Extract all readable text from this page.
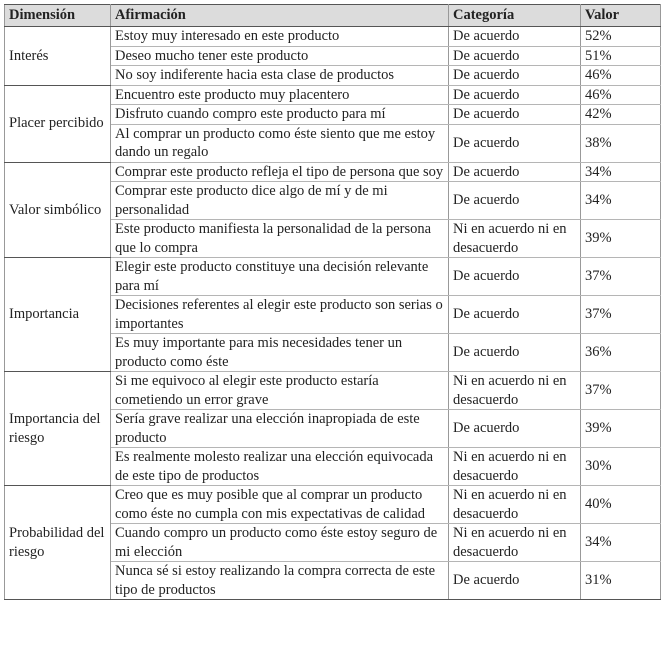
Dimensión	Afirmación	Categoría	Valor
Interés	Estoy muy interesado en este producto	De acuerdo	52%
	Deseo mucho tener este producto	De acuerdo	51%
	No soy indiferente hacia esta clase de productos	De acuerdo	46%
Placer percibido	Encuentro este producto muy placentero	De acuerdo	46%
	Disfruto cuando compro este producto para mí	De acuerdo	42%
	Al comprar un producto como éste siento que me estoy dando un regalo	De acuerdo	38%
Valor simbólico	Comprar este producto refleja el tipo de persona que soy	De acuerdo	34%
	Comprar este producto dice algo de mí y de mi personalidad	De acuerdo	34%
	Este producto manifiesta la personalidad de la persona que lo compra	Ni en acuerdo ni en desacuerdo	39%
Importancia	Elegir este producto constituye una decisión relevante para mí	De acuerdo	37%
	Decisiones referentes al elegir este producto son serias o importantes	De acuerdo	37%
	Es muy importante para mis necesidades tener un producto como éste	De acuerdo	36%
Importancia del riesgo	Si me equivoco al elegir este producto estaría cometiendo un error grave	Ni en acuerdo ni en desacuerdo	37%
	Sería grave realizar una elección inapropiada de este producto	De acuerdo	39%
	Es realmente molesto realizar una elección equivocada de este tipo de productos	Ni en acuerdo ni en desacuerdo	30%
Probabilidad del riesgo	Creo que es muy posible que al comprar un producto como éste no cumpla con mis expectativas de calidad	Ni en acuerdo ni en desacuerdo	40%
	Cuando compro un producto como éste estoy seguro de mi elección	Ni en acuerdo ni en desacuerdo	34%
	Nunca sé si estoy realizando la compra correcta de este tipo de productos	De acuerdo	31%
